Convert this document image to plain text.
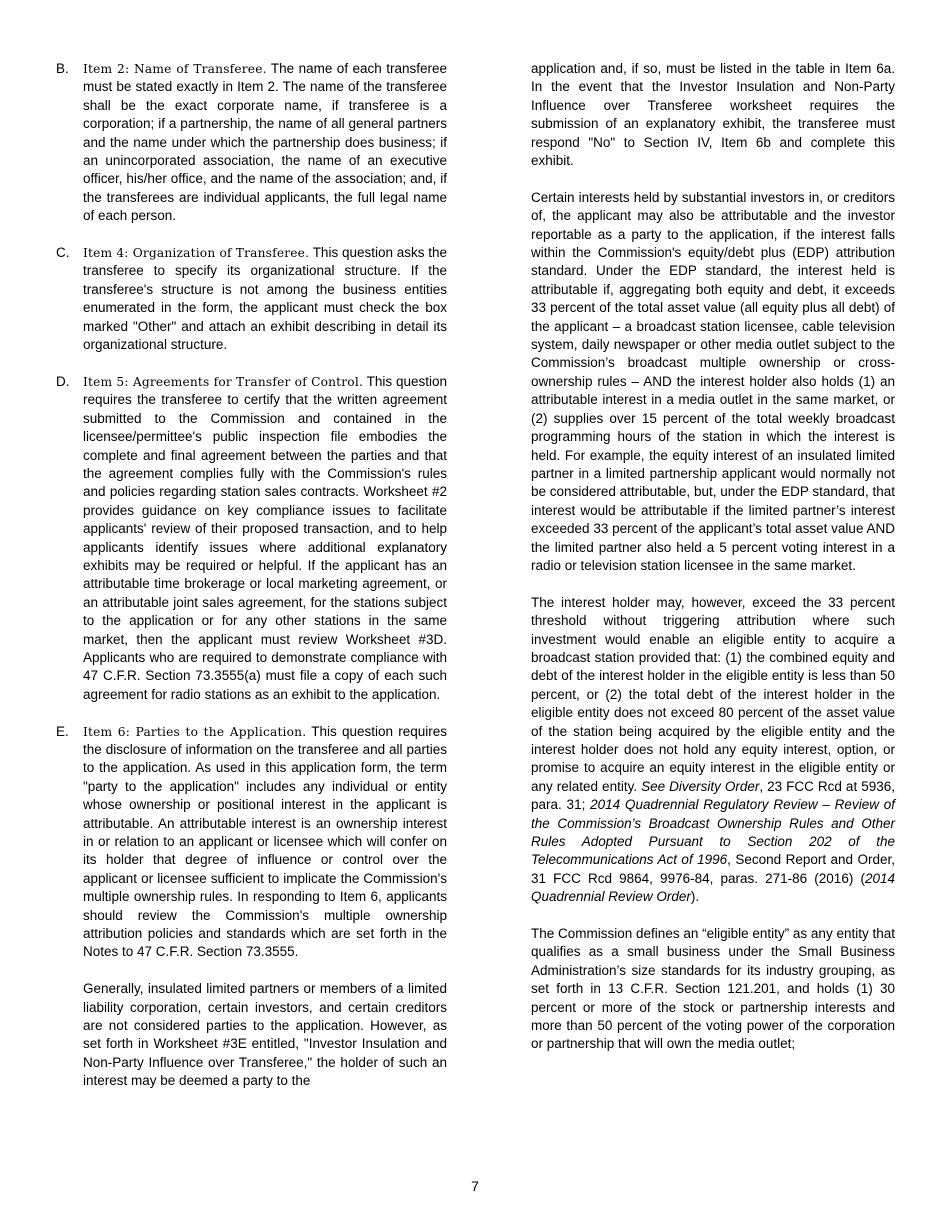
B. Item 2: Name of Transferee. The name of each transferee must be stated exactly in Item 2. The name of the transferee shall be the exact corporate name, if transferee is a corporation; if a partnership, the name of all general partners and the name under which the partnership does business; if an unincorporated association, the name of an executive officer, his/her office, and the name of the association; and, if the transferees are individual applicants, the full legal name of each person.
C. Item 4: Organization of Transferee. This question asks the transferee to specify its organizational structure. If the transferee's structure is not among the business entities enumerated in the form, the applicant must check the box marked "Other" and attach an exhibit describing in detail its organizational structure.
D. Item 5: Agreements for Transfer of Control. This question requires the transferee to certify that the written agreement submitted to the Commission and contained in the licensee/permittee's public inspection file embodies the complete and final agreement between the parties and that the agreement complies fully with the Commission's rules and policies regarding station sales contracts. Worksheet #2 provides guidance on key compliance issues to facilitate applicants' review of their proposed transaction, and to help applicants identify issues where additional explanatory exhibits may be required or helpful. If the applicant has an attributable time brokerage or local marketing agreement, or an attributable joint sales agreement, for the stations subject to the application or for any other stations in the same market, then the applicant must review Worksheet #3D. Applicants who are required to demonstrate compliance with 47 C.F.R. Section 73.3555(a) must file a copy of each such agreement for radio stations as an exhibit to the application.
E. Item 6: Parties to the Application. This question requires the disclosure of information on the transferee and all parties to the application. As used in this application form, the term "party to the application" includes any individual or entity whose ownership or positional interest in the applicant is attributable. An attributable interest is an ownership interest in or relation to an applicant or licensee which will confer on its holder that degree of influence or control over the applicant or licensee sufficient to implicate the Commission's multiple ownership rules. In responding to Item 6, applicants should review the Commission's multiple ownership attribution policies and standards which are set forth in the Notes to 47 C.F.R. Section 73.3555.

Generally, insulated limited partners or members of a limited liability corporation, certain investors, and certain creditors are not considered parties to the application. However, as set forth in Worksheet #3E entitled, "Investor Insulation and Non-Party Influence over Transferee," the holder of such an interest may be deemed a party to the

application and, if so, must be listed in the table in Item 6a. In the event that the Investor Insulation and Non-Party Influence over Transferee worksheet requires the submission of an explanatory exhibit, the transferee must respond "No" to Section IV, Item 6b and complete this exhibit.

Certain interests held by substantial investors in, or creditors of, the applicant may also be attributable and the investor reportable as a party to the application, if the interest falls within the Commission's equity/debt plus (EDP) attribution standard. Under the EDP standard, the interest held is attributable if, aggregating both equity and debt, it exceeds 33 percent of the total asset value (all equity plus all debt) of the applicant – a broadcast station licensee, cable television system, daily newspaper or other media outlet subject to the Commission’s broadcast multiple ownership or cross-ownership rules – AND the interest holder also holds (1) an attributable interest in a media outlet in the same market, or (2) supplies over 15 percent of the total weekly broadcast programming hours of the station in which the interest is held. For example, the equity interest of an insulated limited partner in a limited partnership applicant would normally not be considered attributable, but, under the EDP standard, that interest would be attributable if the limited partner’s interest exceeded 33 percent of the applicant’s total asset value AND the limited partner also held a 5 percent voting interest in a radio or television station licensee in the same market.

The interest holder may, however, exceed the 33 percent threshold without triggering attribution where such investment would enable an eligible entity to acquire a broadcast station provided that: (1) the combined equity and debt of the interest holder in the eligible entity is less than 50 percent, or (2) the total debt of the interest holder in the eligible entity does not exceed 80 percent of the asset value of the station being acquired by the eligible entity and the interest holder does not hold any equity interest, option, or promise to acquire an equity interest in the eligible entity or any related entity. See Diversity Order, 23 FCC Rcd at 5936, para. 31; 2014 Quadrennial Regulatory Review – Review of the Commission’s Broadcast Ownership Rules and Other Rules Adopted Pursuant to Section 202 of the Telecommunications Act of 1996, Second Report and Order, 31 FCC Rcd 9864, 9976-84, paras. 271-86 (2016) (2014 Quadrennial Review Order).

The Commission defines an “eligible entity” as any entity that qualifies as a small business under the Small Business Administration’s size standards for its industry grouping, as set forth in 13 C.F.R. Section 121.201, and holds (1) 30 percent or more of the stock or partnership interests and more than 50 percent of the voting power of the corporation or partnership that will own the media outlet;

7
